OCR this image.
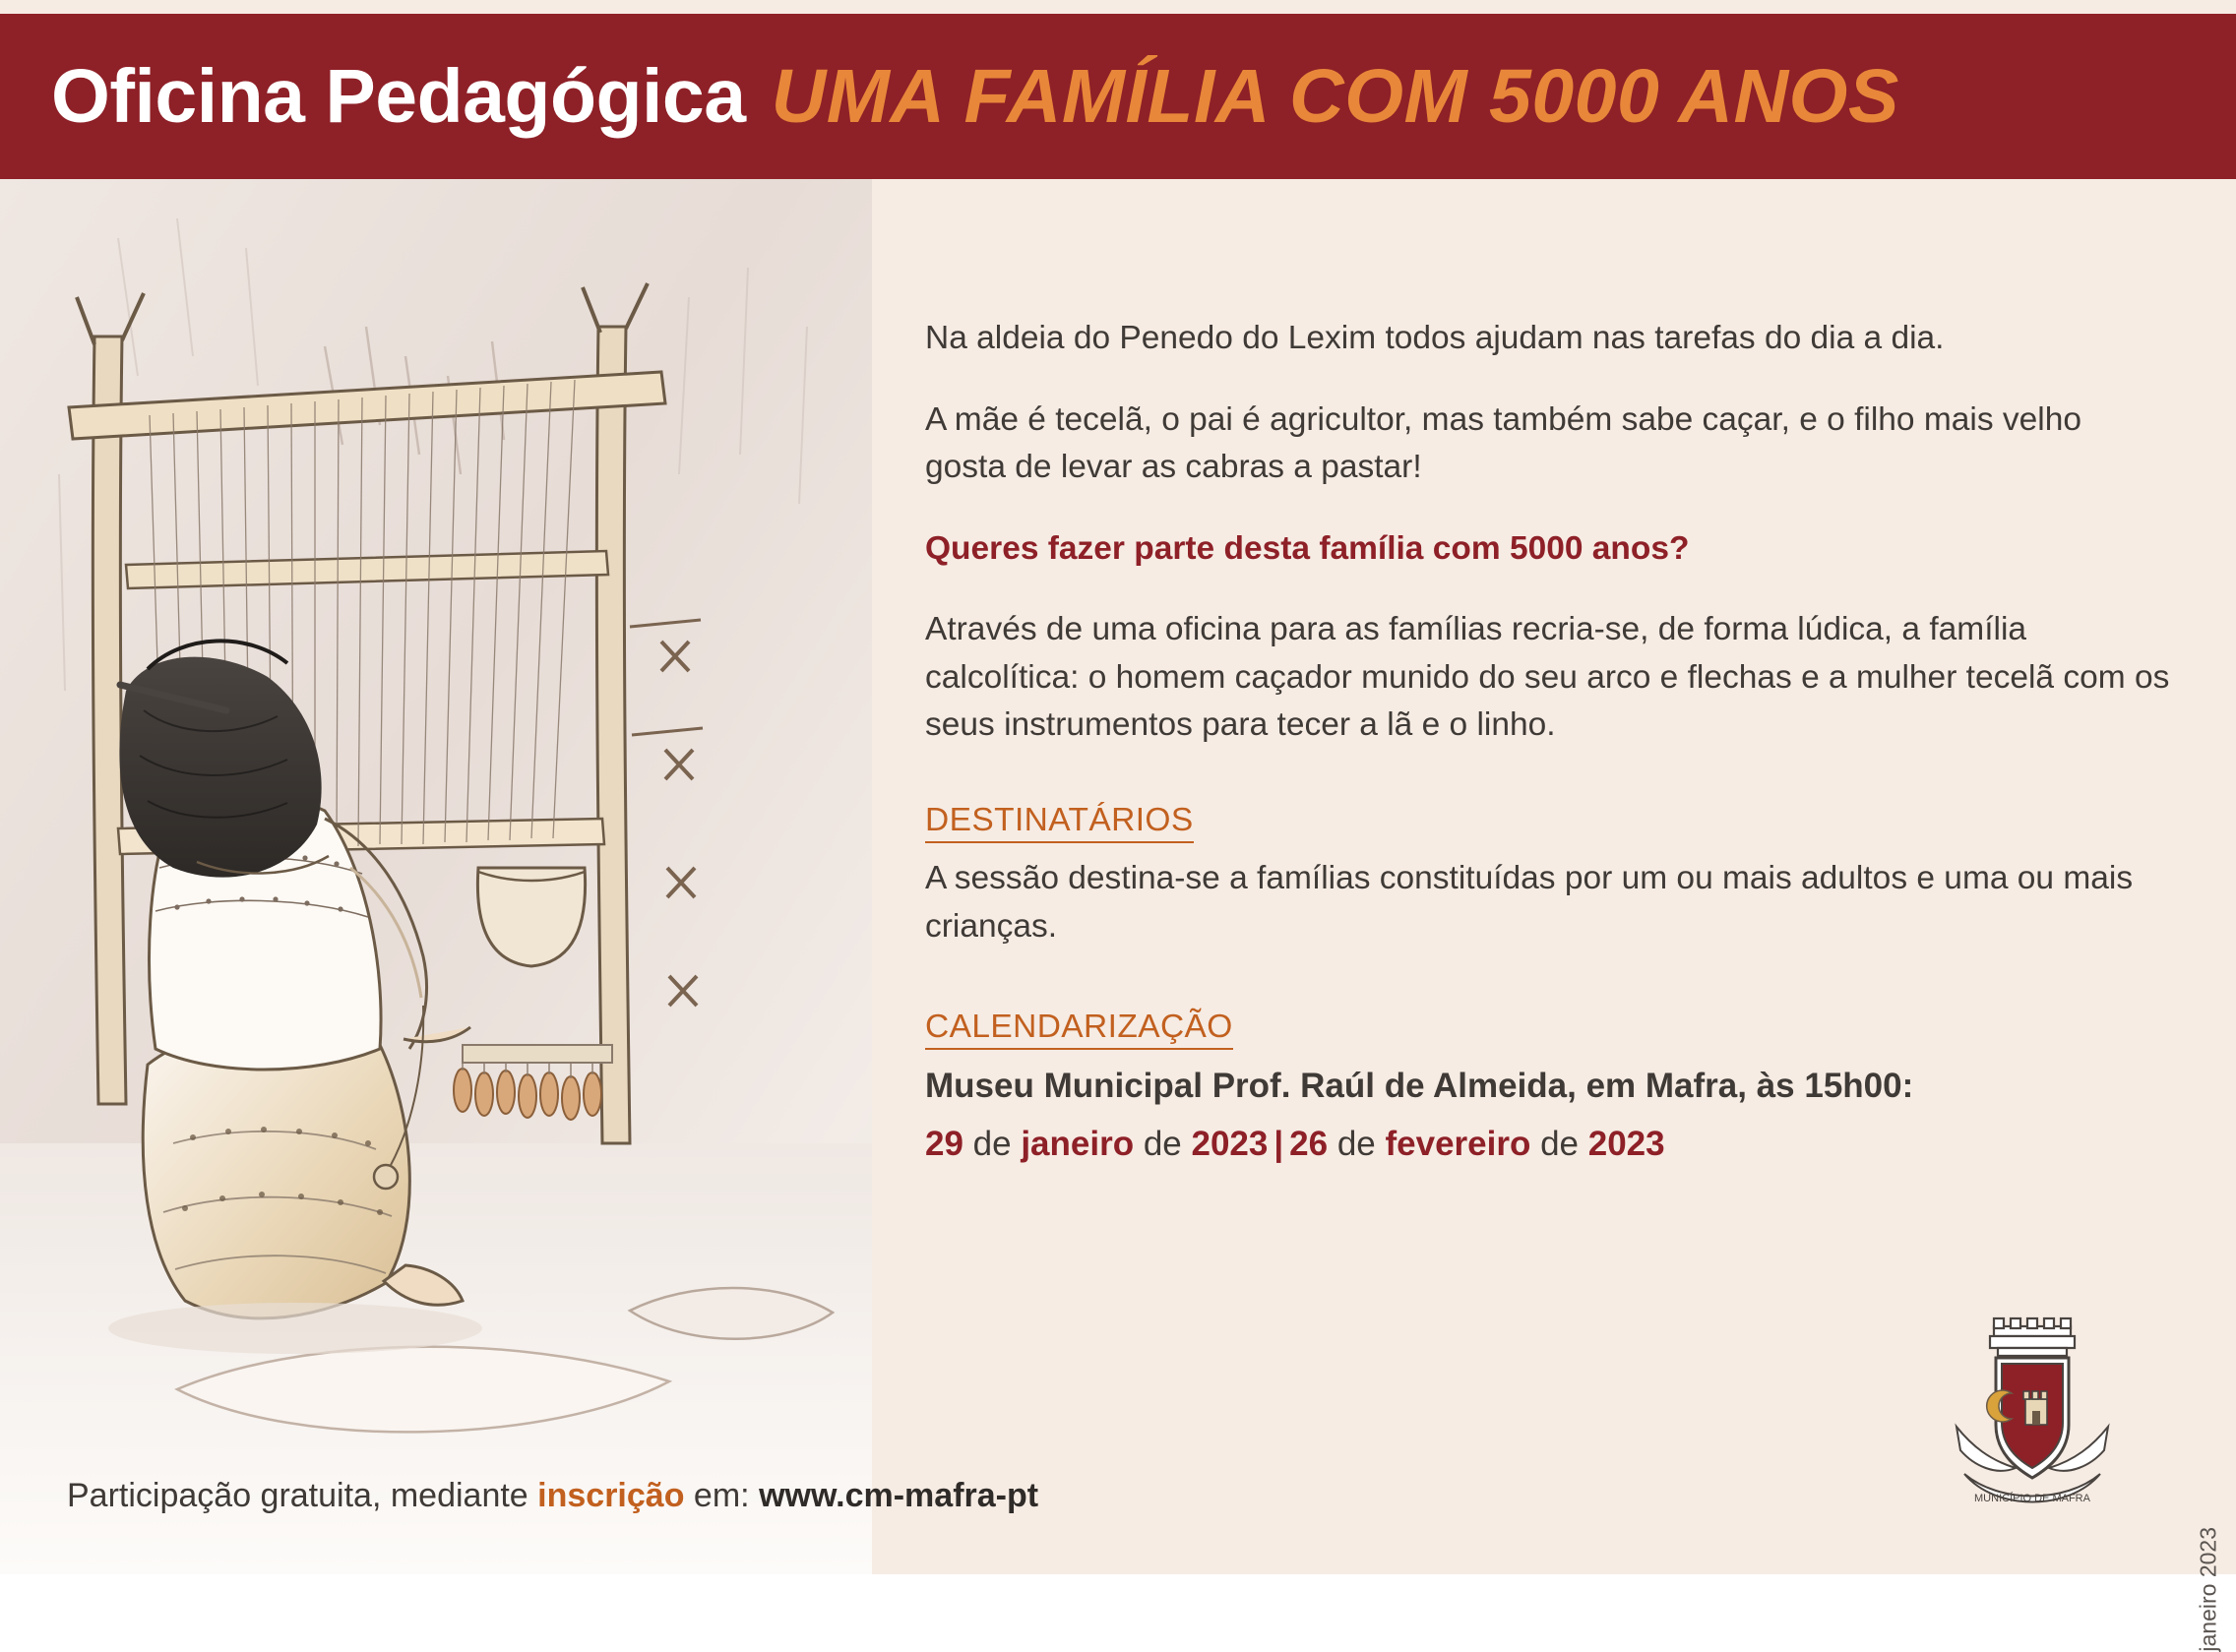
Oficina Pedagógica UMA FAMÍLIA COM 5000 ANOS

Na aldeia do Penedo do Lexim todos ajudam nas tarefas do dia a dia.

A mãe é tecelã, o pai é agricultor, mas também sabe caçar, e o filho mais velho gosta de levar as cabras a pastar!

Queres fazer parte desta família com 5000 anos?

Através de uma oficina para as famílias recria-se, de forma lúdica, a família calcolítica: o homem caçador munido do seu arco e flechas e a mulher tecelã com os seus instrumentos para tecer a lã e o linho.

DESTINATÁRIOS

A sessão destina-se a famílias constituídas por um ou mais adultos e uma ou mais crianças.

CALENDARIZAÇÃO

Museu Municipal Prof. Raúl de Almeida, em Mafra, às 15h00:

29 de janeiro de 2023 | 26 de fevereiro de 2023

Participação gratuita, mediante inscrição em: www.cm-mafra-pt	MUNICÍPIO DE MAFRA
janeiro 2023
